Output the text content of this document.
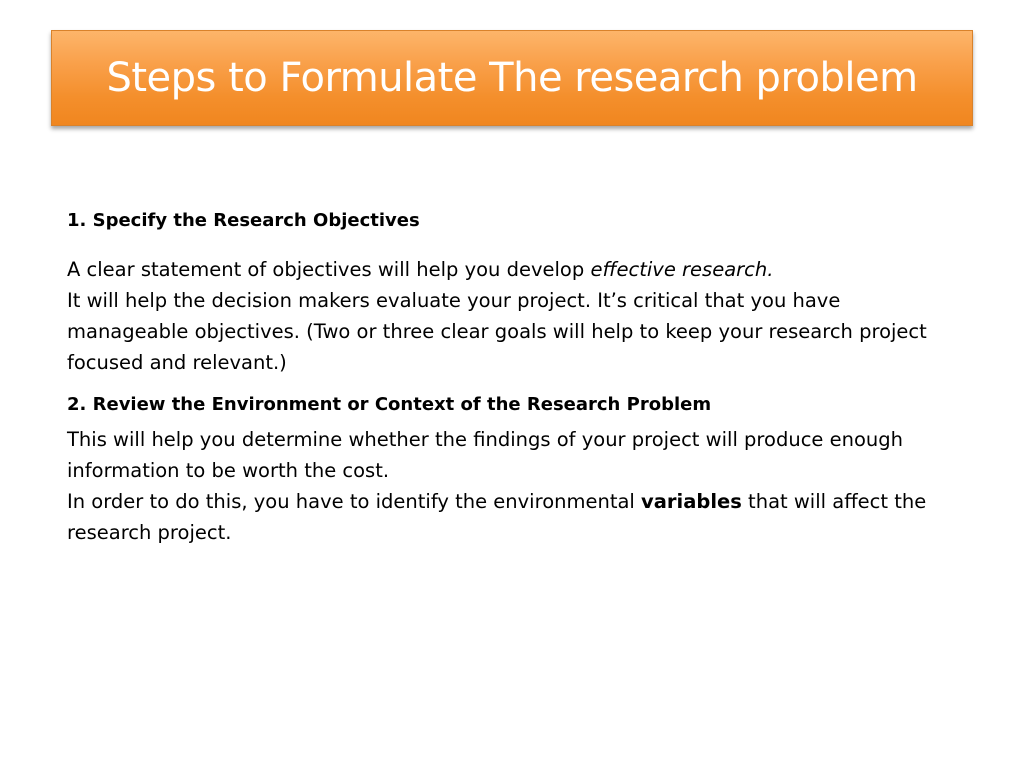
Steps to Formulate The research problem

1. Specify the Research Objectives

A clear statement of objectives will help you develop effective research.
It will help the decision makers evaluate your project. It’s critical that you have manageable objectives. (Two or three clear goals will help to keep your research project focused and relevant.)

2. Review the Environment or Context of the Research Problem

This will help you determine whether the findings of your project will produce enough information to be worth the cost.
In order to do this, you have to identify the environmental variables that will affect the research project.
